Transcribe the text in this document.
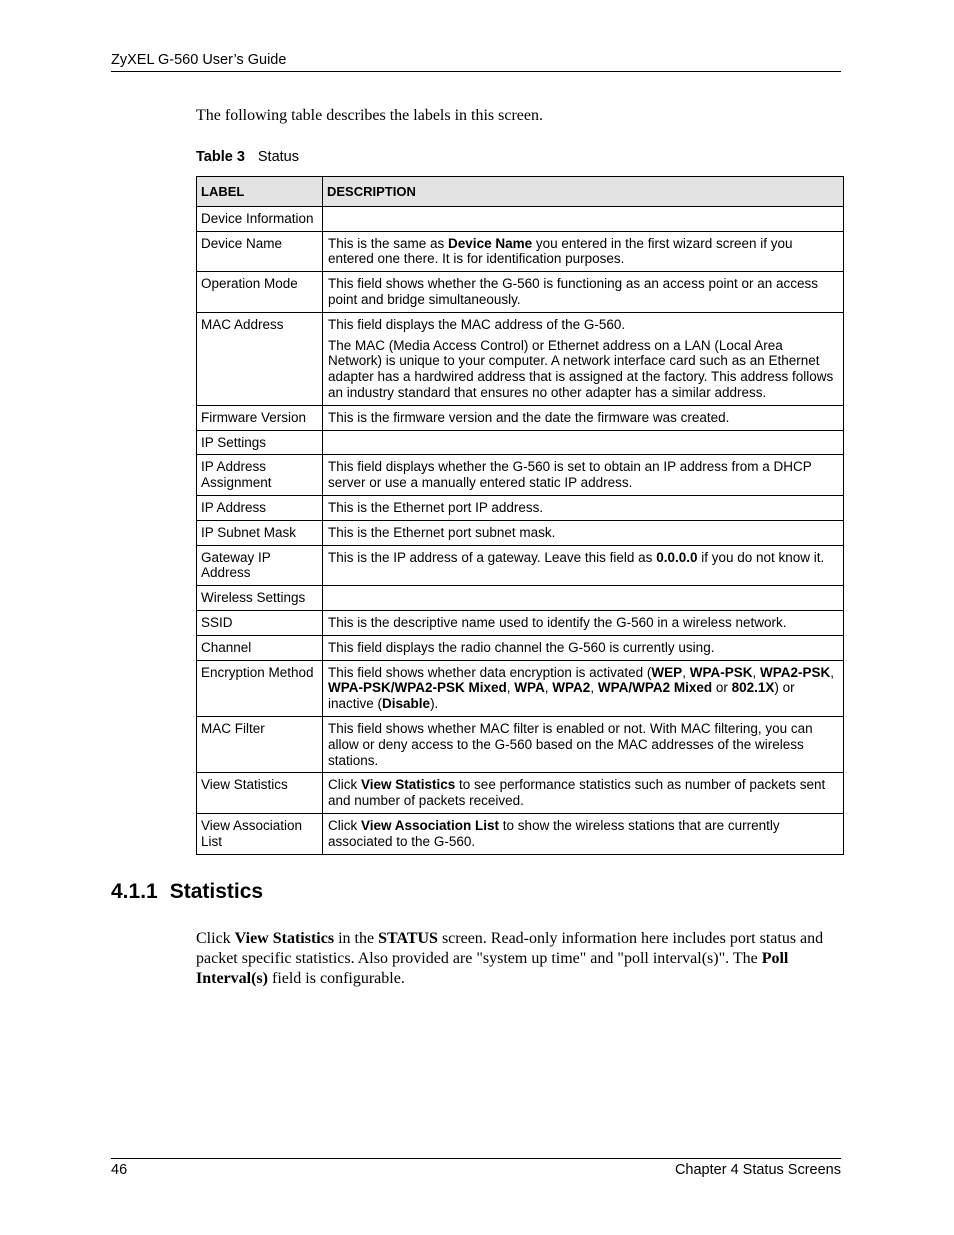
ZyXEL G-560 User’s Guide
The following table describes the labels in this screen.
Table 3 Status
LABEL	DESCRIPTION
Device Information	
Device Name	This is the same as Device Name you entered in the first wizard screen if you entered one there. It is for identification purposes.
Operation Mode	This field shows whether the G-560 is functioning as an access point or an access point and bridge simultaneously.
MAC Address	This field displays the MAC address of the G-560.
The MAC (Media Access Control) or Ethernet address on a LAN (Local Area Network) is unique to your computer. A network interface card such as an Ethernet adapter has a hardwired address that is assigned at the factory. This address follows an industry standard that ensures no other adapter has a similar address.

Firmware Version	This is the firmware version and the date the firmware was created.
IP Settings	
IP Address Assignment	This field displays whether the G-560 is set to obtain an IP address from a DHCP server or use a manually entered static IP address.
IP Address	This is the Ethernet port IP address.
IP Subnet Mask	This is the Ethernet port subnet mask.
Gateway IP Address	This is the IP address of a gateway. Leave this field as 0.0.0.0 if you do not know it.
Wireless Settings	
SSID	This is the descriptive name used to identify the G-560 in a wireless network.
Channel	This field displays the radio channel the G-560 is currently using.
Encryption Method	This field shows whether data encryption is activated (WEP, WPA-PSK, WPA2-PSK, WPA-PSK/WPA2-PSK Mixed, WPA, WPA2, WPA/WPA2 Mixed or 802.1X) or inactive (Disable).
MAC Filter	This field shows whether MAC filter is enabled or not. With MAC filtering, you can allow or deny access to the G-560 based on the MAC addresses of the wireless stations.
View Statistics	Click View Statistics to see performance statistics such as number of packets sent and number of packets received.
View Association List	Click View Association List to show the wireless stations that are currently associated to the G-560.
4.1.1 Statistics
Click View Statistics in the STATUS screen. Read-only information here includes port status and packet specific statistics. Also provided are "system up time" and "poll interval(s)". The Poll Interval(s) field is configurable.
46	Chapter 4 Status Screens
